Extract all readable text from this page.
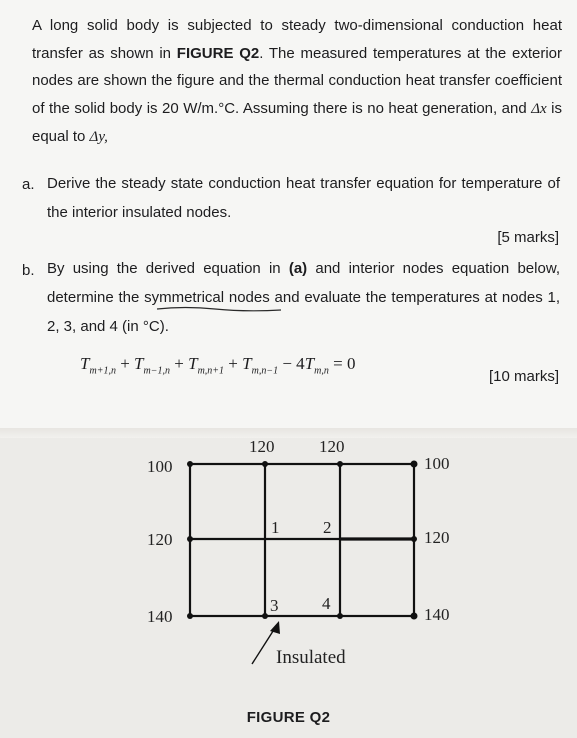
A long solid body is subjected to steady two-dimensional conduction heat transfer as shown in FIGURE Q2. The measured temperatures at the exterior nodes are shown the figure and the thermal conduction heat transfer coefficient of the solid body is 20 W/m.°C. Assuming there is no heat generation, and Δx is equal to Δy,
a. Derive the steady state conduction heat transfer equation for temperature of the interior insulated nodes.
[5 marks]
b. By using the derived equation in (a) and interior nodes equation below, determine the symmetrical nodes and evaluate the temperatures at nodes 1, 2, 3, and 4 (in °C).
$T_{m+1,n} + T_{m-1,n} + T_{m,n+1} + T_{m,n-1} - 4T_{m,n} = 0$
[10 marks]
120	120
100
120
140
100
120
140
1	2
3	4
Insulated
FIGURE Q2
